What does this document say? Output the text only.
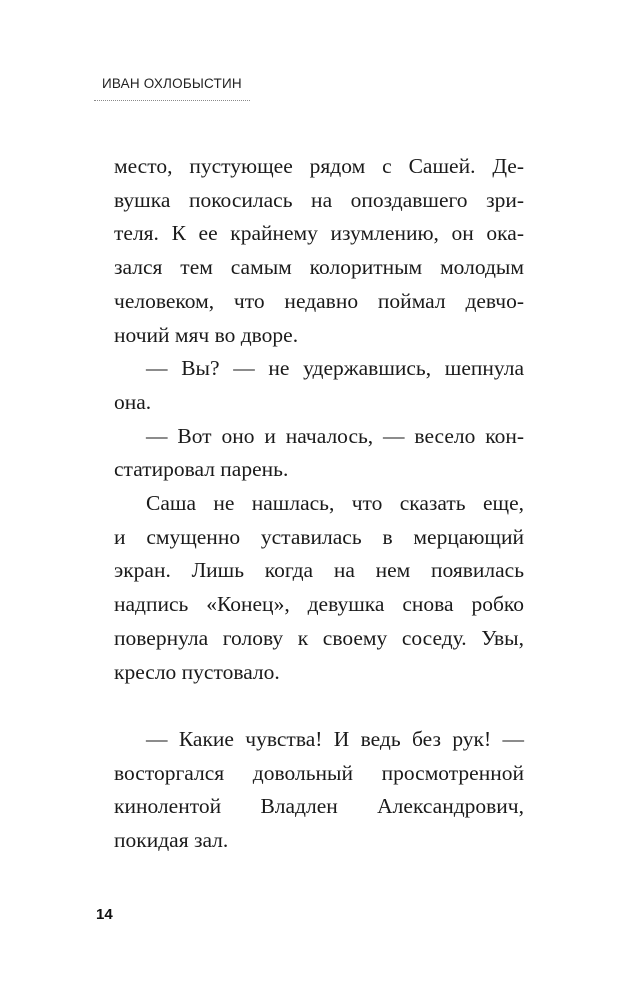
ИВАН ОХЛОБЫСТИН
место, пустующее рядом с Сашей. Де-
вушка покосилась на опоздавшего зри-
теля. К ее крайнему изумлению, он ока-
зался тем самым колоритным молодым
человеком, что недавно поймал девчо-
ночий мяч во дворе.
— Вы? — не удержавшись, шепнула
она.
— Вот оно и началось, — весело кон-
статировал парень.
Саша не нашлась, что сказать еще,
и смущенно уставилась в мерцающий
экран. Лишь когда на нем появилась
надпись «Конец», девушка снова робко
повернула голову к своему соседу. Увы,
кресло пустовало.
— Какие чувства! И ведь без рук! —
восторгался довольный просмотренной
кинолентой Владлен Александрович,
покидая зал.
14
